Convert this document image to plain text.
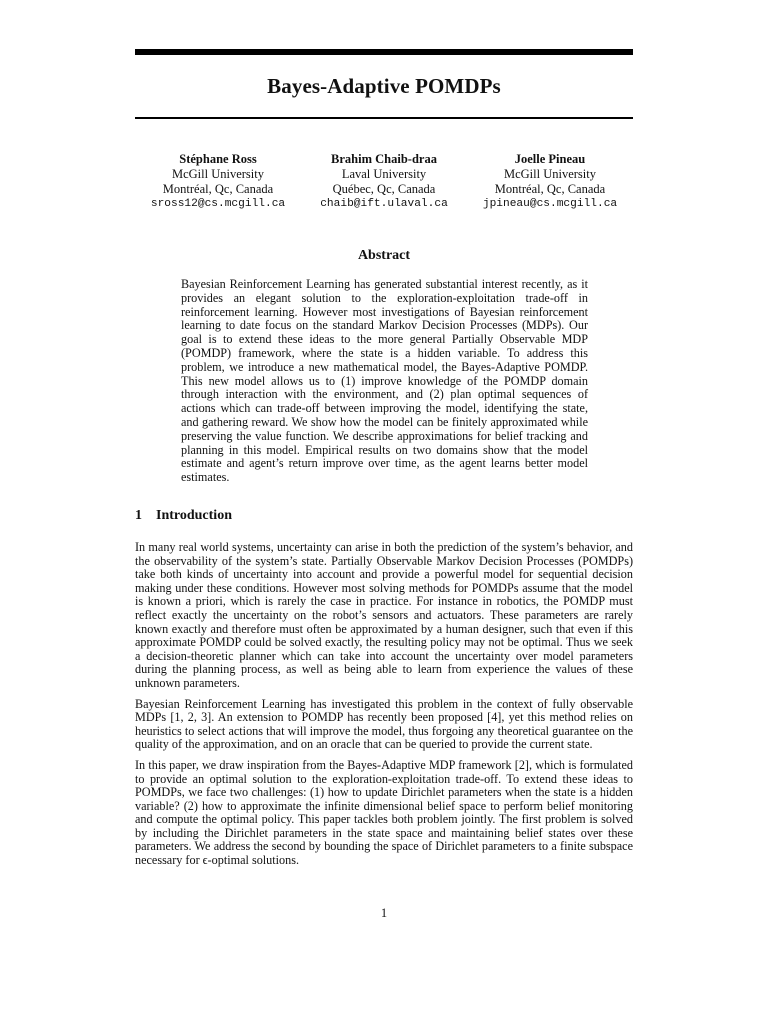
Bayes-Adaptive POMDPs
Stéphane Ross
McGill University
Montréal, Qc, Canada
sross12@cs.mcgill.ca
Brahim Chaib-draa
Laval University
Québec, Qc, Canada
chaib@ift.ulaval.ca
Joelle Pineau
McGill University
Montréal, Qc, Canada
jpineau@cs.mcgill.ca
Abstract
Bayesian Reinforcement Learning has generated substantial interest recently, as it provides an elegant solution to the exploration-exploitation trade-off in reinforcement learning. However most investigations of Bayesian reinforcement learning to date focus on the standard Markov Decision Processes (MDPs). Our goal is to extend these ideas to the more general Partially Observable MDP (POMDP) framework, where the state is a hidden variable. To address this problem, we introduce a new mathematical model, the Bayes-Adaptive POMDP. This new model allows us to (1) improve knowledge of the POMDP domain through interaction with the environment, and (2) plan optimal sequences of actions which can trade-off between improving the model, identifying the state, and gathering reward. We show how the model can be finitely approximated while preserving the value function. We describe approximations for belief tracking and planning in this model. Empirical results on two domains show that the model estimate and agent’s return improve over time, as the agent learns better model estimates.
1 Introduction

In many real world systems, uncertainty can arise in both the prediction of the system’s behavior, and the observability of the system’s state. Partially Observable Markov Decision Processes (POMDPs) take both kinds of uncertainty into account and provide a powerful model for sequential decision making under these conditions. However most solving methods for POMDPs assume that the model is known a priori, which is rarely the case in practice. For instance in robotics, the POMDP must reflect exactly the uncertainty on the robot’s sensors and actuators. These parameters are rarely known exactly and therefore must often be approximated by a human designer, such that even if this approximate POMDP could be solved exactly, the resulting policy may not be optimal. Thus we seek a decision-theoretic planner which can take into account the uncertainty over model parameters during the planning process, as well as being able to learn from experience the values of these unknown parameters.

Bayesian Reinforcement Learning has investigated this problem in the context of fully observable MDPs [1, 2, 3]. An extension to POMDP has recently been proposed [4], yet this method relies on heuristics to select actions that will improve the model, thus forgoing any theoretical guarantee on the quality of the approximation, and on an oracle that can be queried to provide the current state.

In this paper, we draw inspiration from the Bayes-Adaptive MDP framework [2], which is formulated to provide an optimal solution to the exploration-exploitation trade-off. To extend these ideas to POMDPs, we face two challenges: (1) how to update Dirichlet parameters when the state is a hidden variable? (2) how to approximate the infinite dimensional belief space to perform belief monitoring and compute the optimal policy. This paper tackles both problem jointly. The first problem is solved by including the Dirichlet parameters in the state space and maintaining belief states over these parameters. We address the second by bounding the space of Dirichlet parameters to a finite subspace necessary for ϵ-optimal solutions.

1
